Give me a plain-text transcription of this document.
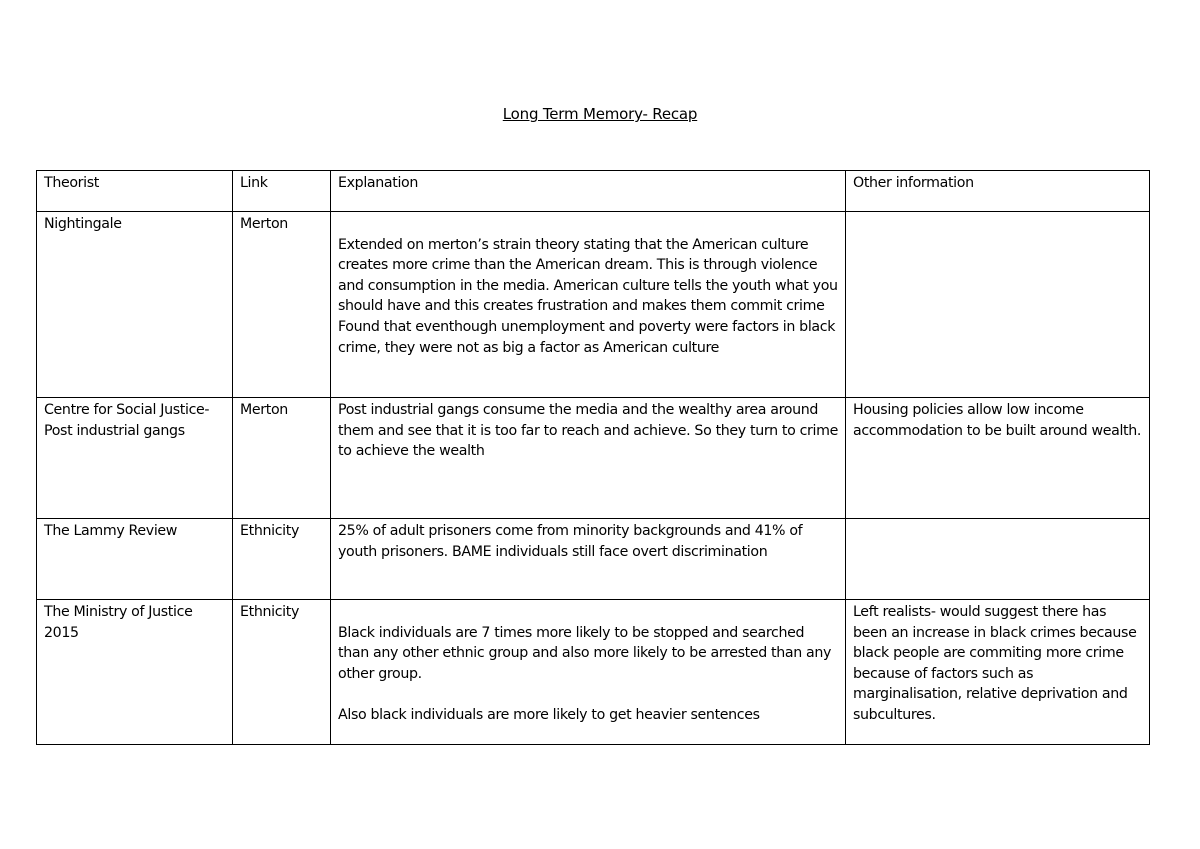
Long Term Memory- Recap
Theorist	Link	Explanation	Other information
Nightingale	Merton	Extended on merton’s strain theory stating that the American culture creates more crime than the American dream. This is through violence and consumption in the media. American culture tells the youth what you should have and this creates frustration and makes them commit crime
Found that eventhough unemployment and poverty were factors in black crime, they were not as big a factor as American culture	

Centre for Social Justice- Post industrial gangs	Merton	Post industrial gangs consume the media and the wealthy area around them and see that it is too far to reach and achieve. So they turn to crime to achieve the wealth	Housing policies allow low income accommodation to be built around wealth.
The Lammy Review	Ethnicity	25% of adult prisoners come from minority backgrounds and 41% of youth prisoners. BAME individuals still face overt discrimination	

The Ministry of Justice 2015	Ethnicity	Black individuals are 7 times more likely to be stopped and searched than any other ethnic group and also more likely to be arrested than any other group.
Also black individuals are more likely to get heavier sentences	Left realists- would suggest there has been an increase in black crimes because black people are commiting more crime because of factors such as marginalisation, relative deprivation and subcultures.
